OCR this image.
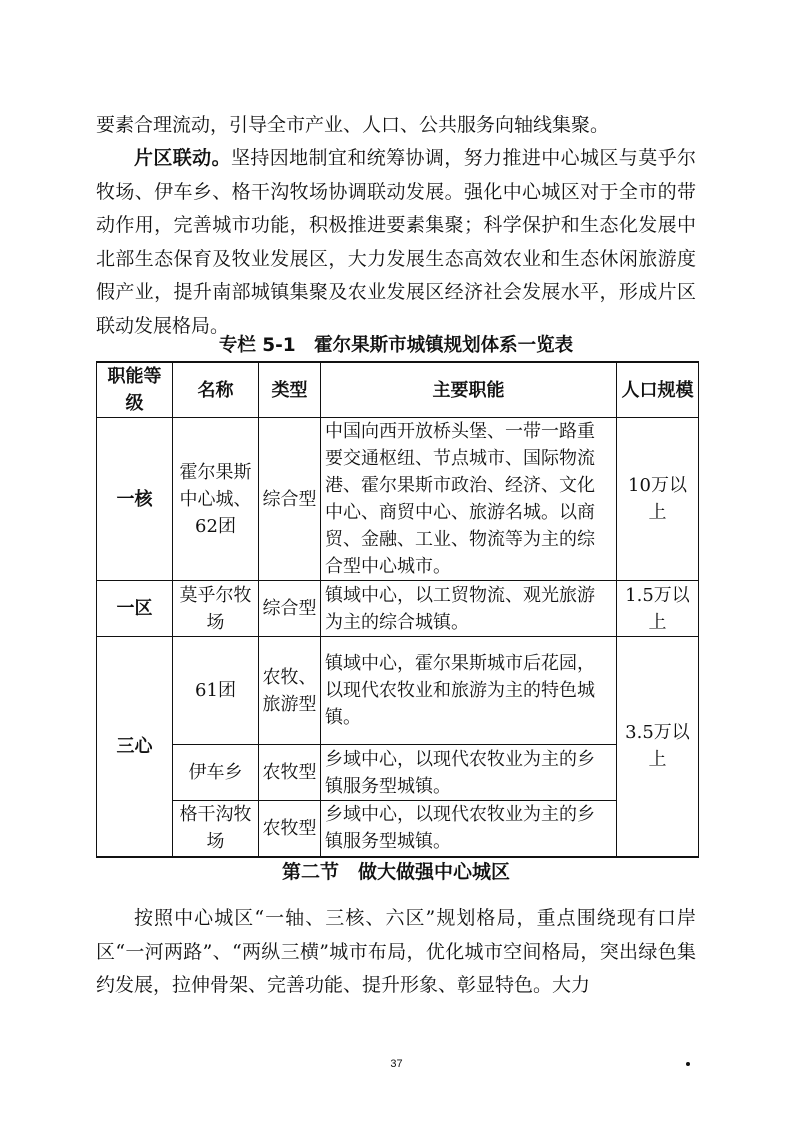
要素合理流动，引导全市产业、人口、公共服务向轴线集聚。

片区联动。坚持因地制宜和统筹协调，努力推进中心城区与莫乎尔牧场、伊车乡、格干沟牧场协调联动发展。强化中心城区对于全市的带动作用，完善城市功能，积极推进要素集聚；科学保护和生态化发展中北部生态保育及牧业发展区，大力发展生态高效农业和生态休闲旅游度假产业，提升南部城镇集聚及农业发展区经济社会发展水平，形成片区联动发展格局。

专栏 5-1　霍尔果斯市城镇规划体系一览表

职能等级	名称	类型	主要职能	人口规模
一核	霍尔果斯中心城、62团	综合型	中国向西开放桥头堡、一带一路重要交通枢纽、节点城市、国际物流港、霍尔果斯市政治、经济、文化中心、商贸中心、旅游名城。以商贸、金融、工业、物流等为主的综合型中心城市。	10万以上
一区	莫乎尔牧场	综合型	镇域中心，以工贸物流、观光旅游为主的综合城镇。	1.5万以上
三心	61团	农牧、旅游型	镇域中心，霍尔果斯城市后花园，以现代农牧业和旅游为主的特色城镇。	3.5万以上
	伊车乡	农牧型	乡域中心，以现代农牧业为主的乡镇服务型城镇。	
	格干沟牧场	农牧型	乡域中心，以现代农牧业为主的乡镇服务型城镇。	

第二节　做大做强中心城区

按照中心城区“一轴、三核、六区”规划格局，重点围绕现有口岸区“一河两路”、“两纵三横”城市布局，优化城市空间格局，突出绿色集约发展，拉伸骨架、完善功能、提升形象、彰显特色。大力

37
